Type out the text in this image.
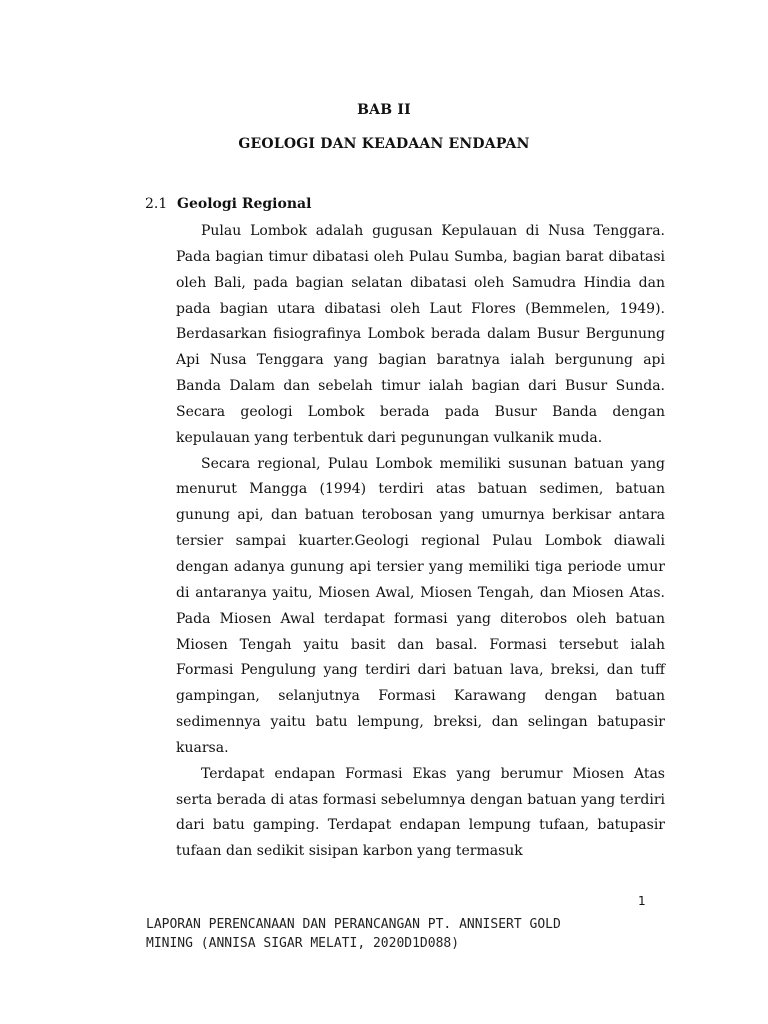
BAB II
GEOLOGI DAN KEADAAN ENDAPAN
2.1 Geologi Regional

Pulau Lombok adalah gugusan Kepulauan di Nusa Tenggara. Pada bagian timur dibatasi oleh Pulau Sumba, bagian barat dibatasi oleh Bali, pada bagian selatan dibatasi oleh Samudra Hindia dan pada bagian utara dibatasi oleh Laut Flores (Bemmelen, 1949). Berdasarkan fisiografinya Lombok berada dalam Busur Bergunung Api Nusa Tenggara yang bagian baratnya ialah bergunung api Banda Dalam dan sebelah timur ialah bagian dari Busur Sunda. Secara geologi Lombok berada pada Busur Banda dengan kepulauan yang terbentuk dari pegunungan vulkanik muda.

Secara regional, Pulau Lombok memiliki susunan batuan yang menurut Mangga (1994) terdiri atas batuan sedimen, batuan gunung api, dan batuan terobosan yang umurnya berkisar antara tersier sampai kuarter.Geologi regional Pulau Lombok diawali dengan adanya gunung api tersier yang memiliki tiga periode umur di antaranya yaitu, Miosen Awal, Miosen Tengah, dan Miosen Atas. Pada Miosen Awal terdapat formasi yang diterobos oleh batuan Miosen Tengah yaitu basit dan basal. Formasi tersebut ialah Formasi Pengulung yang terdiri dari batuan lava, breksi, dan tuff gampingan, selanjutnya Formasi Karawang dengan batuan sedimennya yaitu batu lempung, breksi, dan selingan batupasir kuarsa.

Terdapat endapan Formasi Ekas yang berumur Miosen Atas serta berada di atas formasi sebelumnya dengan batuan yang terdiri dari batu gamping. Terdapat endapan lempung tufaan, batupasir tufaan dan sedikit sisipan karbon yang termasuk

1
LAPORAN PERENCANAAN DAN PERANCANGAN PT. ANNISERT GOLD MINING (ANNISA SIGAR MELATI, 2020D1D088)
